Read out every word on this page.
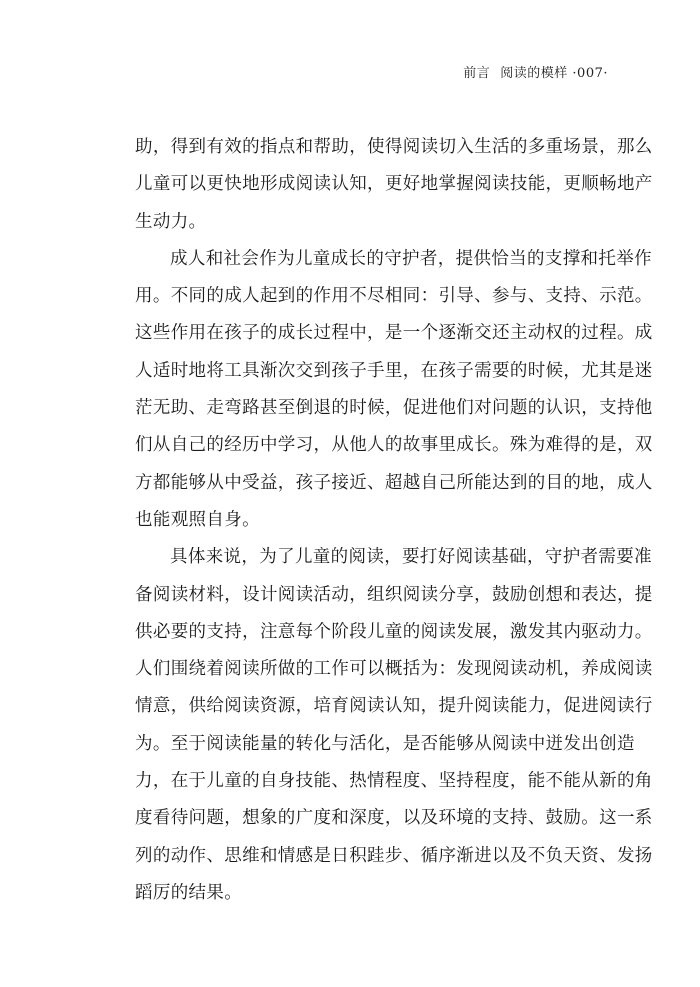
前言 阅读的模样 ·007·
助，得到有效的指点和帮助，使得阅读切入生活的多重场景，那么
儿童可以更快地形成阅读认知，更好地掌握阅读技能，更顺畅地产
生动力。
成人和社会作为儿童成长的守护者，提供恰当的支撑和托举作
用。不同的成人起到的作用不尽相同：引导、参与、支持、示范。
这些作用在孩子的成长过程中，是一个逐渐交还主动权的过程。成
人适时地将工具渐次交到孩子手里，在孩子需要的时候，尤其是迷
茫无助、走弯路甚至倒退的时候，促进他们对问题的认识，支持他
们从自己的经历中学习，从他人的故事里成长。殊为难得的是，双
方都能够从中受益，孩子接近、超越自己所能达到的目的地，成人
也能观照自身。
具体来说，为了儿童的阅读，要打好阅读基础，守护者需要准
备阅读材料，设计阅读活动，组织阅读分享，鼓励创想和表达，提
供必要的支持，注意每个阶段儿童的阅读发展，激发其内驱动力。
人们围绕着阅读所做的工作可以概括为：发现阅读动机，养成阅读
情意，供给阅读资源，培育阅读认知，提升阅读能力，促进阅读行
为。至于阅读能量的转化与活化，是否能够从阅读中迸发出创造
力，在于儿童的自身技能、热情程度、坚持程度，能不能从新的角
度看待问题，想象的广度和深度，以及环境的支持、鼓励。这一系
列的动作、思维和情感是日积跬步、循序渐进以及不负天资、发扬
蹈厉的结果。
